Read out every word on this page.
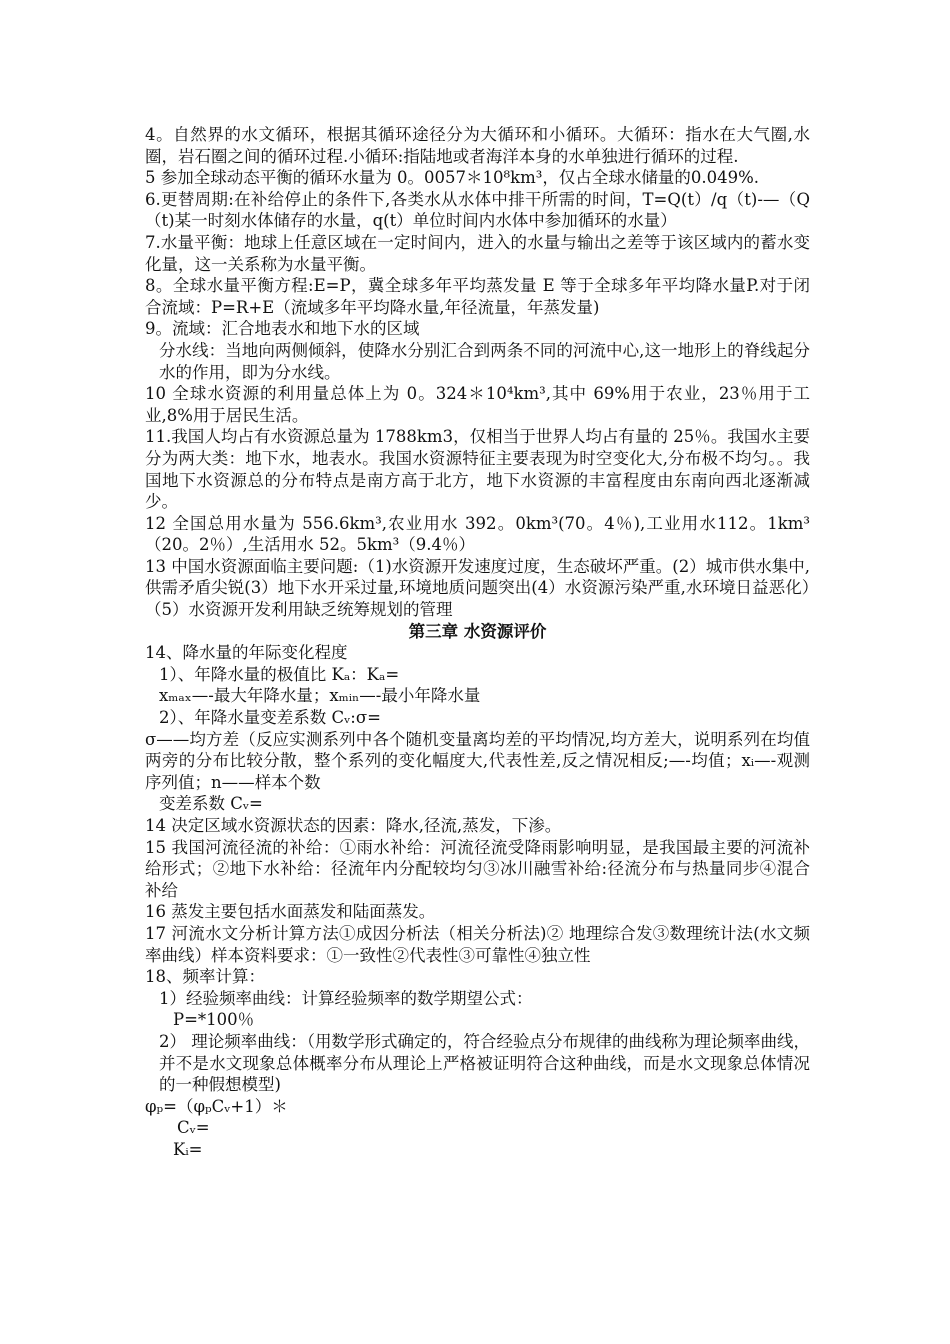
4。自然界的水文循环，根据其循环途径分为大循环和小循环。大循环：指水在大气圈,水圈，岩石圈之间的循环过程.小循环:指陆地或者海洋本身的水单独进行循环的过程.

5 参加全球动态平衡的循环水量为 0。0057＊10⁸km³，仅占全球水储量的0.049%.

6.更替周期:在补给停止的条件下,各类水从水体中排干所需的时间，T=Q(t）/q（t)-—（Q（t)某一时刻水体储存的水量，q(t）单位时间内水体中参加循环的水量）

7.水量平衡：地球上任意区域在一定时间内，进入的水量与输出之差等于该区域内的蓄水变化量，这一关系称为水量平衡。

8。全球水量平衡方程:E=P，冀全球多年平均蒸发量 E 等于全球多年平均降水量P.对于闭合流域：P=R+E（流域多年平均降水量,年径流量，年蒸发量)

9。流域：汇合地表水和地下水的区域

分水线：当地向两侧倾斜，使降水分别汇合到两条不同的河流中心,这一地形上的脊线起分水的作用，即为分水线。

10 全球水资源的利用量总体上为 0。324＊10⁴km³,其中 69%用于农业，23％用于工业,8%用于居民生活。

11.我国人均占有水资源总量为 1788km3，仅相当于世界人均占有量的 25％。我国水主要分为两大类：地下水，地表水。我国水资源特征主要表现为时空变化大,分布极不均匀。。我国地下水资源总的分布特点是南方高于北方，地下水资源的丰富程度由东南向西北逐渐减少。

12 全国总用水量为 556.6km³,农业用水 392。0km³(70。4％),工业用水112。1km³（20。2％）,生活用水 52。5km³（9.4％）

13 中国水资源面临主要问题:（1)水资源开发速度过度，生态破坏严重。(2）城市供水集中,供需矛盾尖锐(3）地下水开采过量,环境地质问题突出(4）水资源污染严重,水环境日益恶化）（5）水资源开发利用缺乏统筹规划的管理

第三章 水资源评价

14、降水量的年际变化程度

1）、年降水量的极值比 Kₐ：Kₐ=

xₘₐₓ—-最大年降水量；xₘᵢₙ—-最小年降水量

2）、年降水量变差系数 Cᵥ:σ=

σ——均方差（反应实测系列中各个随机变量离均差的平均情况,均方差大，说明系列在均值两旁的分布比较分散，整个系列的变化幅度大,代表性差,反之情况相反;—-均值；xᵢ—-观测序列值；n——样本个数

变差系数 Cᵥ=

14 决定区域水资源状态的因素：降水,径流,蒸发，下渗。

15 我国河流径流的补给：①雨水补给：河流径流受降雨影响明显，是我国最主要的河流补给形式；②地下水补给：径流年内分配较均匀③冰川融雪补给:径流分布与热量同步④混合补给

16 蒸发主要包括水面蒸发和陆面蒸发。

17 河流水文分析计算方法①成因分析法（相关分析法)② 地理综合发③数理统计法(水文频率曲线）样本资料要求：①一致性②代表性③可靠性④独立性

18、频率计算：

1）经验频率曲线：计算经验频率的数学期望公式：

P=*100％

2） 理论频率曲线：（用数学形式确定的，符合经验点分布规律的曲线称为理论频率曲线，并不是水文现象总体概率分布从理论上严格被证明符合这种曲线，而是水文现象总体情况的一种假想模型)

φₚ=（φₚCᵥ+1）＊

Cᵥ=

Kᵢ=
